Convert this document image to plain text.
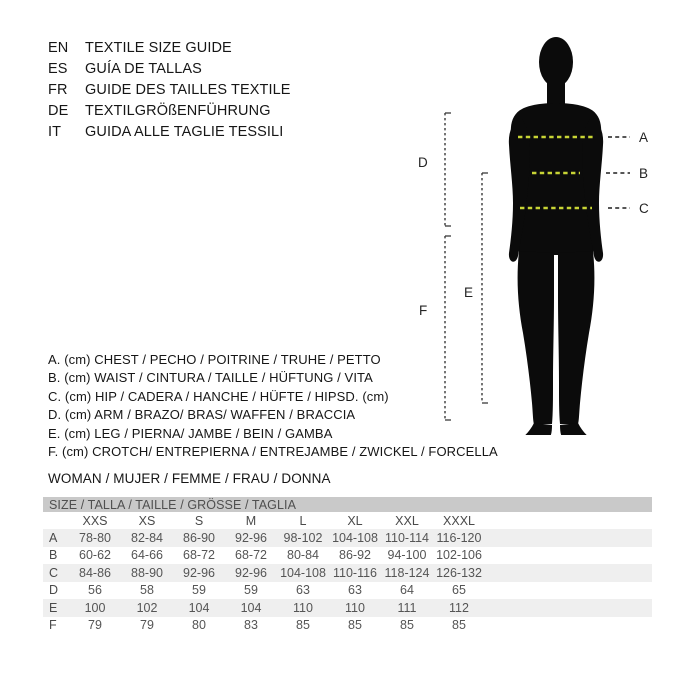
EN	TEXTILE SIZE GUIDE
ES	GUÍA DE TALLAS
FR	GUIDE DES TAILLES TEXTILE
DE	TEXTILGRÖßENFÜHRUNG
IT	GUIDA ALLE TAGLIE TESSILI	A
B
C
D
E
F
A. (cm) CHEST / PECHO / POITRINE / TRUHE / PETTO
B. (cm) WAIST / CINTURA / TAILLE / HÜFTUNG / VITA
C. (cm) HIP / CADERA / HANCHE / HÜFTE / HIPSD. (cm)
D. (cm) ARM / BRAZO/ BRAS/ WAFFEN / BRACCIA
E. (cm) LEG / PIERNA/ JAMBE / BEIN / GAMBA
F. (cm) CROTCH/ ENTREPIERNA / ENTREJAMBE / ZWICKEL / FORCELLA
WOMAN / MUJER / FEMME / FRAU / DONNA
SIZE / TALLA / TAILLE / GRÖSSE / TAGLIA
XXS	XS	S	M	L	XL	XXL	XXXL
A	78-80	82-84	86-90	92-96	98-102 104-108 110-114 116-120
B	60-62	64-66	68-72	68-72	80-84	86-92	94-100 102-106
C	84-86	88-90	92-96	92-96	104-108 110-116 118-124 126-132
D	56	58	59	59	63	63	64	65
E	100	102	104	104	110	110	111	112
F	79	79	80	83	85	85	85	85
